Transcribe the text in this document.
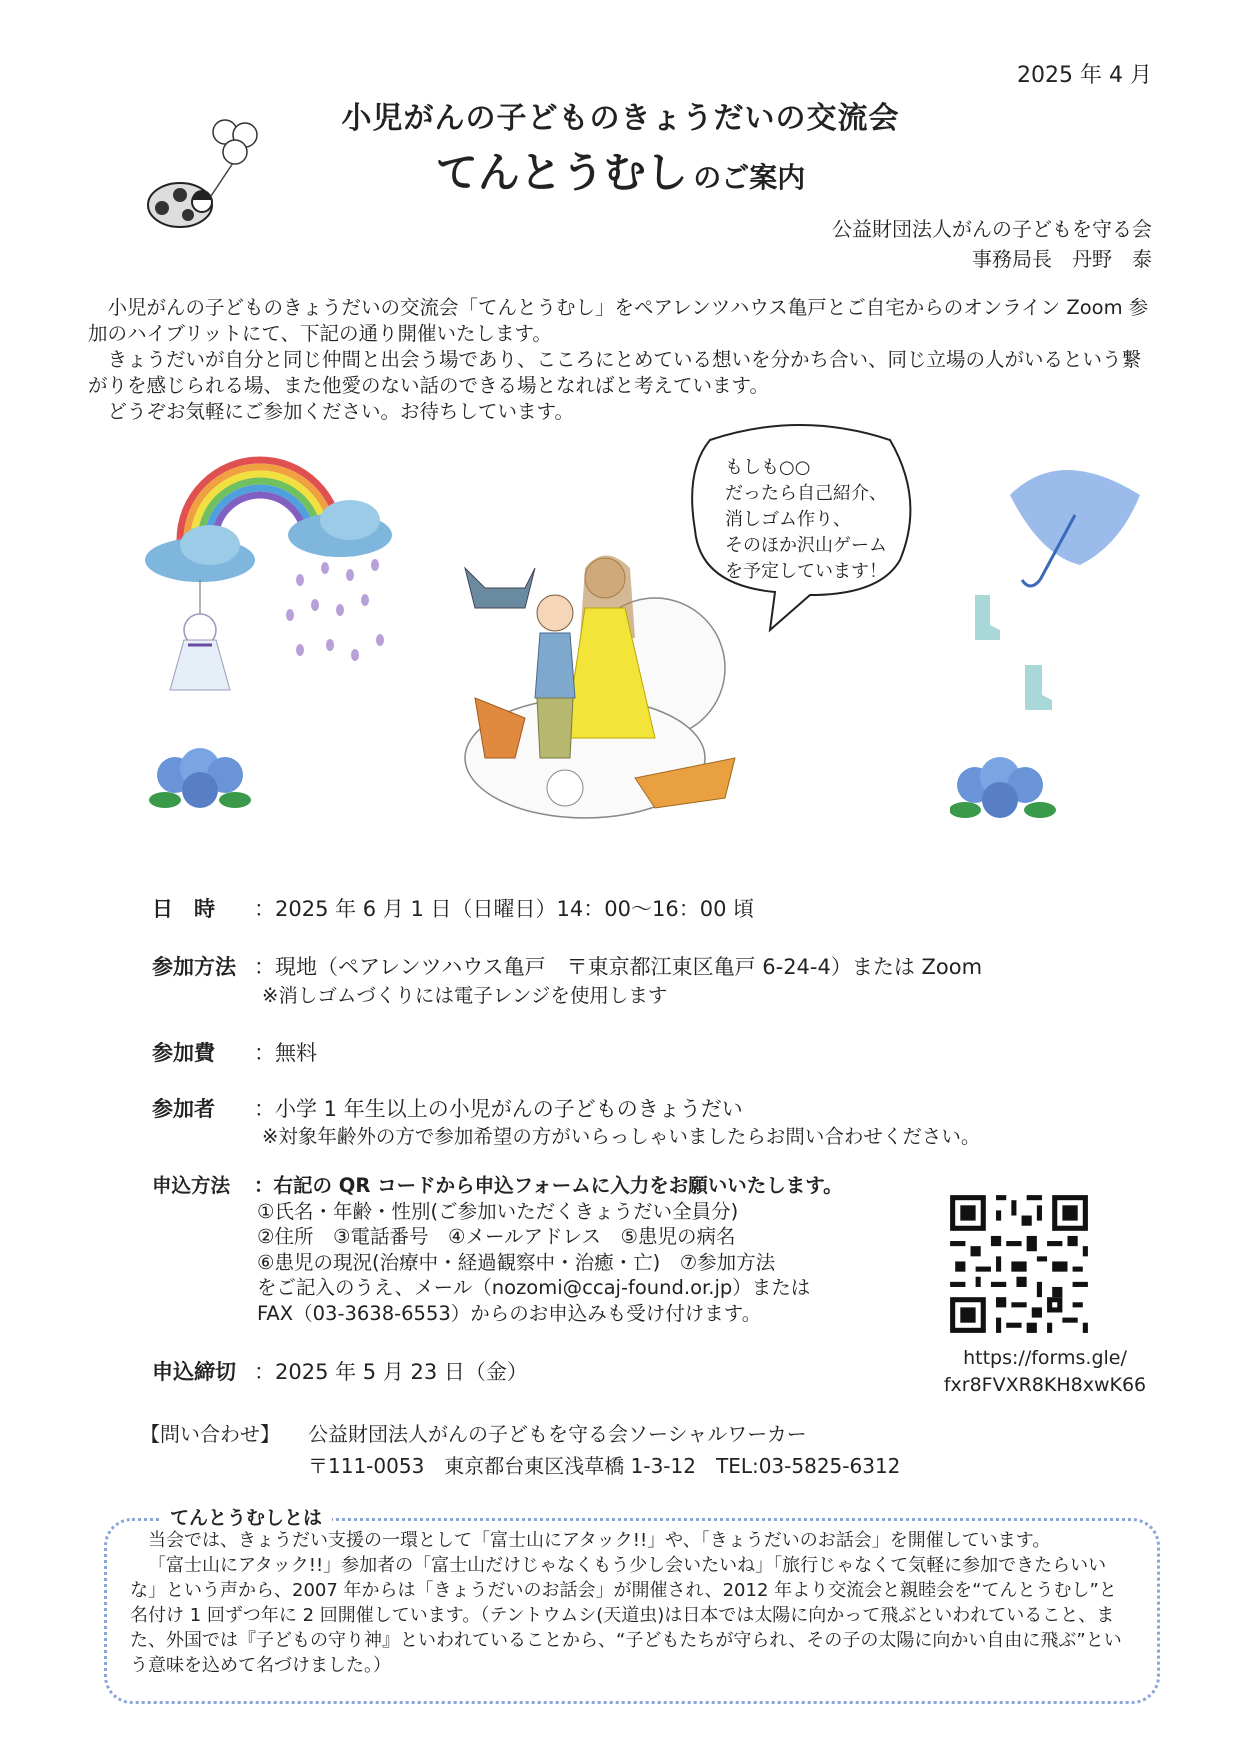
2025 年 4 月
小児がんの子どものきょうだいの交流会
てんとうむし のご案内
公益財団法人がんの子どもを守る会
事務局長　丹野　泰

小児がんの子どものきょうだいの交流会「てんとうむし」をペアレンツハウス亀戸とご自宅からのオンライン Zoom 参加のハイブリットにて、下記の通り開催いたします。

きょうだいが自分と同じ仲間と出会う場であり、こころにとめている想いを分かち合い、同じ立場の人がいるという繋がりを感じられる場、また他愛のない話のできる場となればと考えています。

どうぞお気軽にご参加ください。お待ちしています。

もしも○○
だったら自己紹介、
消しゴム作り、
そのほか沢山ゲーム
を予定しています！
日　時 ：2025 年 6 月 1 日（日曜日）14：00～16：00 頃
参加方法 ：現地（ペアレンツハウス亀戸　〒東京都江東区亀戸 6-24-4）または Zoom
※消しゴムづくりには電子レンジを使用します
参加費 ：無料
参加者 ：小学 1 年生以上の小児がんの子どものきょうだい
※対象年齢外の方で参加希望の方がいらっしゃいましたらお問い合わせください。
申込方法 ：右記の QR コードから申込フォームに入力をお願いいたします。
①氏名・年齢・性別(ご参加いただくきょうだい全員分)
②住所　③電話番号　④メールアドレス　⑤患児の病名
⑥患児の現況(治療中・経過観察中・治癒・亡)　⑦参加方法
をご記入のうえ、メール（nozomi@ccaj-found.or.jp）または
FAX（03-3638-6553）からのお申込みも受け付けます。
https://forms.gle/
fxr8FVXR8KH8xwK66
申込締切 ：2025 年 5 月 23 日（金）
【問い合わせ】 公益財団法人がんの子どもを守る会ソーシャルワーカー
〒111-0053　東京都台東区浅草橋 1-3-12　TEL:03-5825-6312
てんとうむしとは

当会では、きょうだい支援の一環として「富士山にアタック!!」や、「きょうだいのお話会」を開催しています。

「富士山にアタック!!」参加者の「富士山だけじゃなくもう少し会いたいね」「旅行じゃなくて気軽に参加できたらいいな」という声から、2007 年からは「きょうだいのお話会」が開催され、2012 年より交流会と親睦会を“てんとうむし”と名付け 1 回ずつ年に 2 回開催しています。（テントウムシ(天道虫)は日本では太陽に向かって飛ぶといわれていること、また、外国では『子どもの守り神』といわれていることから、“子どもたちが守られ、その子の太陽に向かい自由に飛ぶ”という意味を込めて名づけました。）
